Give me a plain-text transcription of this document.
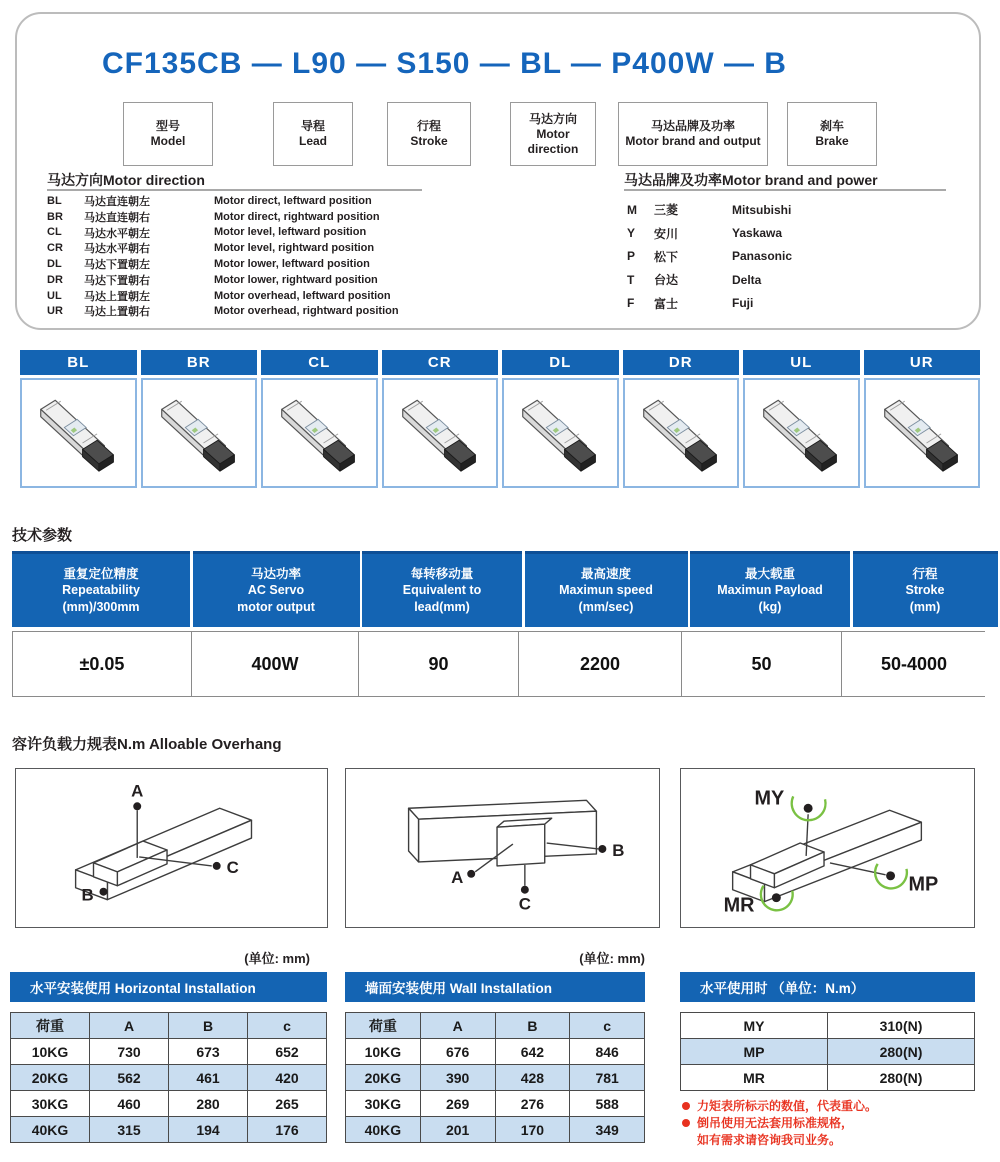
CF135CB — L90 — S150 — BL — P400W — B
型号
Model
导程
Lead
行程
Stroke
马达方向
Motor direction
马达品牌及功率
Motor brand and output
刹车
Brake
马达方向Motor direction
BL	马达直连朝左	Motor direct, leftward position
BR	马达直连朝右	Motor direct, rightward position
CL	马达水平朝左	Motor level, leftward position
CR	马达水平朝右	Motor level, rightward position
DL	马达下置朝左	Motor lower, leftward position
DR	马达下置朝右	Motor lower, rightward position
UL	马达上置朝左	Motor overhead, leftward position
UR	马达上置朝右	Motor overhead, rightward position
马达品牌及功率Motor brand and power
M	三菱	Mitsubishi
Y	安川	Yaskawa
P	松下	Panasonic
T	台达	Delta
F	富士	Fuji
BL	BR	CL	CR	DL	DR	UL	UR
技术参数
重复定位精度
Repeatability
(mm)/300mm
马达功率
AC Servo
motor output
每转移动量
Equivalent to
lead(mm)
最高速度
Maximun speed
(mm/sec)
最大载重
Maximun Payload
(kg)
行程
Stroke
(mm)
±0.05	400W	90	2200	50	50-4000
容许负载力规表N.m Alloable Overhang
A
C
B
A
B
C
MY
MP
MR
(单位: mm)	(单位: mm)
水平安装使用 Horizontal Installation	墙面安装使用 Wall Installation	水平使用时 （单位：N.m）
荷重	A	B	c
10KG	730	673	652
20KG	562	461	420
30KG	460	280	265
40KG	315	194	176
荷重	A	B	c
10KG	676	642	846
20KG	390	428	781
30KG	269	276	588
40KG	201	170	349
MY	310(N)
MP	280(N)
MR	280(N)
力矩表所标示的数值，代表重心。
倒吊使用无法套用标准规格，
如有需求请咨询我司业务。
